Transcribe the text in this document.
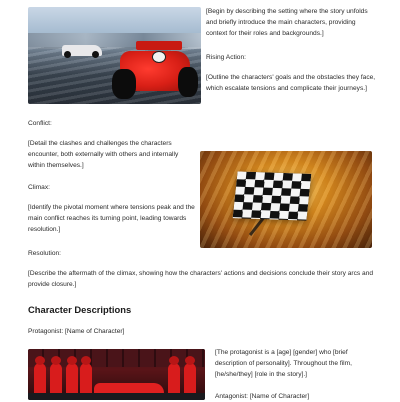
[Begin by describing the setting where the story unfolds and briefly introduce the main characters, providing context for their roles and backgrounds.]
Rising Action:
[Outline the characters' goals and the obstacles they face, which escalate tensions and complicate their journeys.]
Conflict:
[Detail the clashes and challenges the characters encounter, both externally with others and internally within themselves.]
Climax:
[Identify the pivotal moment where tensions peak and the main conflict reaches its turning point, leading towards resolution.]
Resolution:
[Describe the aftermath of the climax, showing how the characters' actions and decisions conclude their story arcs and provide closure.]
Character Descriptions
Protagonist: [Name of Character]
[The protagonist is a [age] [gender] who [brief description of personality]. Throughout the film, [he/she/they] [role in the story].]
Antagonist: [Name of Character]
